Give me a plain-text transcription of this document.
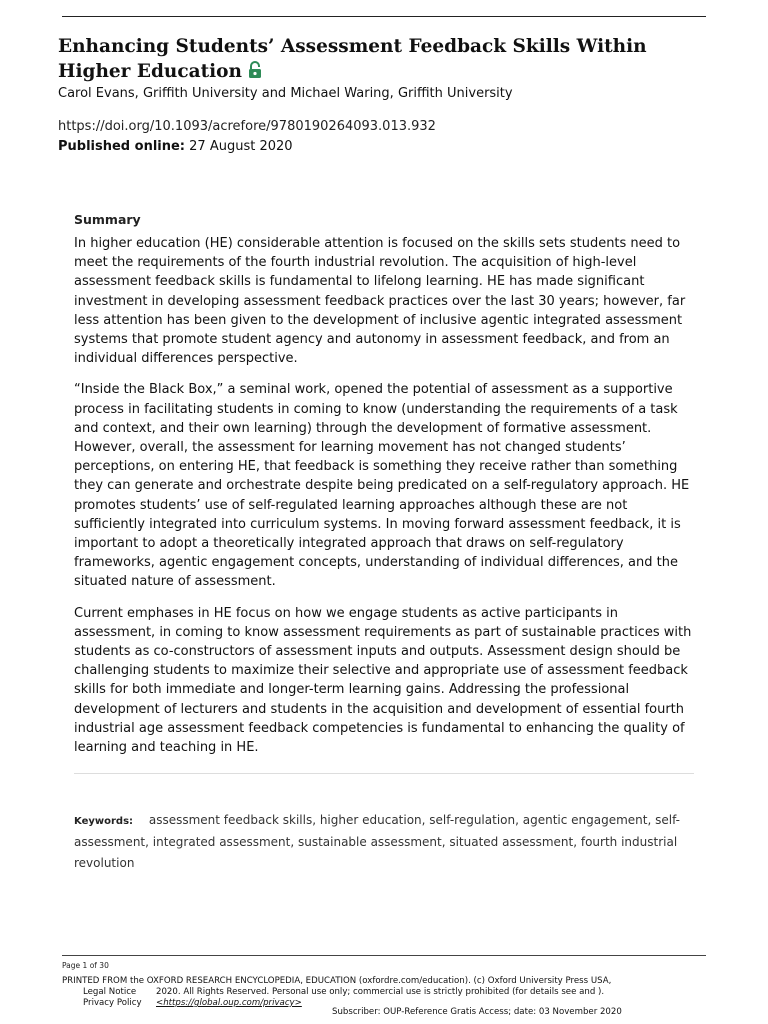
Enhancing Students’ Assessment Feedback Skills Within Higher Education
Carol Evans, Griffith University and Michael Waring, Griffith University
https://doi.org/10.1093/acrefore/9780190264093.013.932
Published online: 27 August 2020
Summary

In higher education (HE) considerable attention is focused on the skills sets students need to meet the requirements of the fourth industrial revolution. The acquisition of high-level assessment feedback skills is fundamental to lifelong learning. HE has made significant investment in developing assessment feedback practices over the last 30 years; however, far less attention has been given to the development of inclusive agentic integrated assessment systems that promote student agency and autonomy in assessment feedback, and from an individual differences perspective.

“Inside the Black Box,” a seminal work, opened the potential of assessment as a supportive process in facilitating students in coming to know (understanding the requirements of a task and context, and their own learning) through the development of formative assessment. However, overall, the assessment for learning movement has not changed students’ perceptions, on entering HE, that feedback is something they receive rather than something they can generate and orchestrate despite being predicated on a self-regulatory approach. HE promotes students’ use of self-regulated learning approaches although these are not sufficiently integrated into curriculum systems. In moving forward assessment feedback, it is important to adopt a theoretically integrated approach that draws on self-regulatory frameworks, agentic engagement concepts, understanding of individual differences, and the situated nature of assessment.

Current emphases in HE focus on how we engage students as active participants in assessment, in coming to know assessment requirements as part of sustainable practices with students as co-constructors of assessment inputs and outputs. Assessment design should be challenging students to maximize their selective and appropriate use of assessment feedback skills for both immediate and longer-term learning gains. Addressing the professional development of lecturers and students in the acquisition and development of essential fourth industrial age assessment feedback competencies is fundamental to enhancing the quality of learning and teaching in HE.

Keywords: assessment feedback skills, higher education, self-regulation, agentic engagement, self-assessment, integrated assessment, sustainable assessment, situated assessment, fourth industrial revolution
Page 1 of 30
PRINTED FROM the OXFORD RESEARCH ENCYCLOPEDIA, EDUCATION (oxfordre.com/education). (c) Oxford University Press USA,
Legal Notice
Privacy Policy
2020. All Rights Reserved. Personal use only; commercial use is strictly prohibited (for details see and ).
<https://global.oup.com/privacy>
Subscriber: OUP-Reference Gratis Access; date: 03 November 2020
